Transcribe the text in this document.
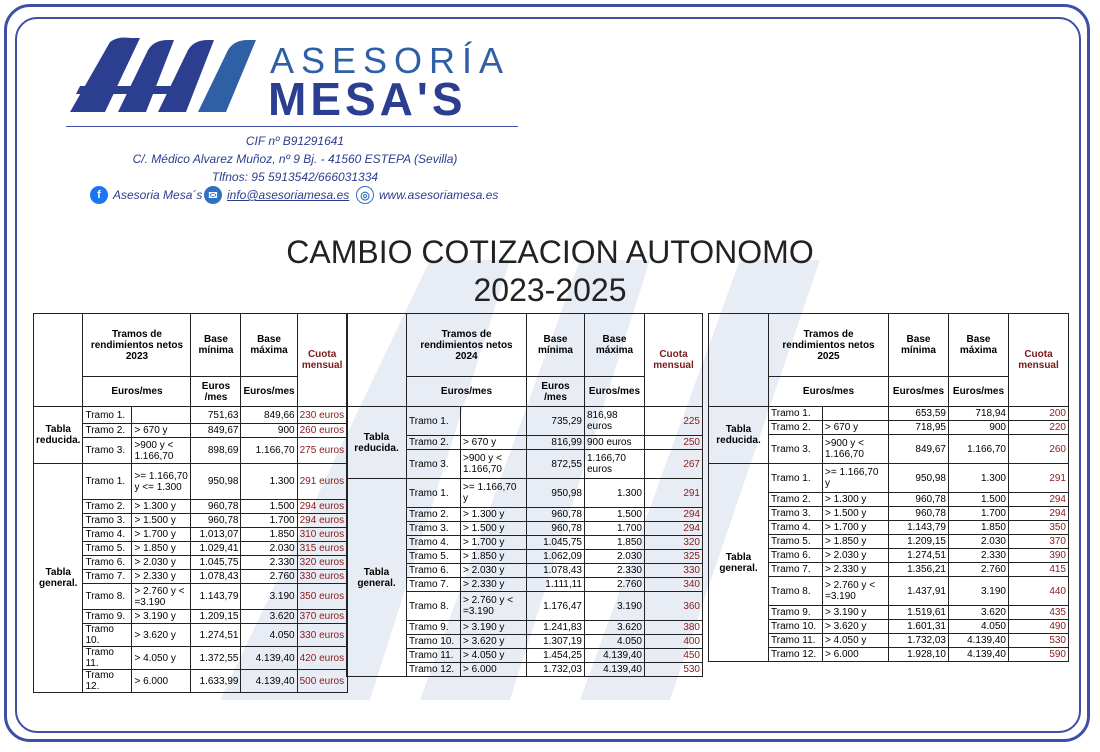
ASESORÍA
MESA'S
CIF nº B91291641
C/. Médico Alvarez Muñoz, nº 9 Bj. - 41560 ESTEPA (Sevilla)
Tlfnos: 95 5913542/666031334
f	Asesoria Mesa´s ✉ info@asesoriamesa.es ◎ www.asesoriamesa.es
CAMBIO COTIZACION AUTONOMO
2023-2025
	Tramos de rendimientos netos 2023		Base mínima	Base máxima	Cuota mensual
	Euros/mes		Euros /mes	Euros/mes	
Tabla reducida.	Tramo 1.		751,63	849,66	230 euros
	Tramo 2.	> 670 y	849,67	900	260 euros
	Tramo 3.	>900 y < 1.166,70	898,69	1.166,70	275 euros
Tabla general.	Tramo 1.	>= 1.166,70 y <= 1.300	950,98	1.300	291 euros
	Tramo 2.	> 1.300 y	960,78	1.500	294 euros
	Tramo 3.	> 1.500 y	960,78	1.700	294 euros
	Tramo 4.	> 1.700 y	1.013,07	1.850	310 euros
	Tramo 5.	> 1.850 y	1.029,41	2.030	315 euros
	Tramo 6.	> 2.030 y	1.045,75	2.330	320 euros
	Tramo 7.	> 2.330 y	1.078,43	2.760	330 euros
	Tramo 8.	> 2.760 y < =3.190	1.143,79	3.190	350 euros
	Tramo 9.	> 3.190 y	1.209,15	3.620	370 euros
	Tramo 10.	> 3.620 y	1.274,51	4.050	330 euros
	Tramo 11.	> 4.050 y	1.372,55	4.139,40	420 euros
	Tramo 12.	> 6.000	1.633,99	4.139,40	500 euros
	Tramos de rendimientos netos 2024		Base mínima	Base máxima	Cuota mensual
	Euros/mes		Euros /mes	Euros/mes	
Tabla reducida.	Tramo 1.		735,29	816,98 euros	225
	Tramo 2.	> 670 y	816,99	900 euros	250
	Tramo 3.	>900 y < 1.166,70	872,55	1.166,70 euros	267
Tabla general.	Tramo 1.	>= 1.166,70 y	950,98	1.300	291
	Tramo 2.	> 1.300 y	960,78	1.500	294
	Tramo 3.	> 1.500 y	960,78	1.700	294
	Tramo 4.	> 1.700 y	1.045,75	1.850	320
	Tramo 5.	> 1.850 y	1.062,09	2.030	325
	Tramo 6.	> 2.030 y	1.078,43	2.330	330
	Tramo 7.	> 2.330 y	1.111,11	2.760	340
	Tramo 8.	> 2.760 y < =3.190	1.176,47	3.190	360
	Tramo 9.	> 3.190 y	1.241,83	3.620	380
	Tramo 10.	> 3.620 y	1.307,19	4.050	400
	Tramo 11.	> 4.050 y	1.454,25	4.139,40	450
	Tramo 12.	> 6.000	1.732,03	4.139,40	530
	Tramos de rendimientos netos 2025		Base mínima	Base máxima	Cuota mensual
	Euros/mes		Euros/mes	Euros/mes	
Tabla reducida.	Tramo 1.		653,59	718,94	200
	Tramo 2.	> 670 y	718,95	900	220
	Tramo 3.	>900 y < 1.166,70	849,67	1.166,70	260
Tabla general.	Tramo 1.	>= 1.166,70 y	950,98	1.300	291
	Tramo 2.	> 1.300 y	960,78	1.500	294
	Tramo 3.	> 1.500 y	960,78	1.700	294
	Tramo 4.	> 1.700 y	1.143,79	1.850	350
	Tramo 5.	> 1.850 y	1.209,15	2.030	370
	Tramo 6.	> 2.030 y	1.274,51	2.330	390
	Tramo 7.	> 2.330 y	1.356,21	2.760	415
	Tramo 8.	> 2.760 y < =3.190	1.437,91	3.190	440
	Tramo 9.	> 3.190 y	1.519,61	3.620	435
	Tramo 10.	> 3.620 y	1.601,31	4.050	490
	Tramo 11.	> 4.050 y	1.732,03	4.139,40	530
	Tramo 12.	> 6.000	1.928,10	4.139,40	590
